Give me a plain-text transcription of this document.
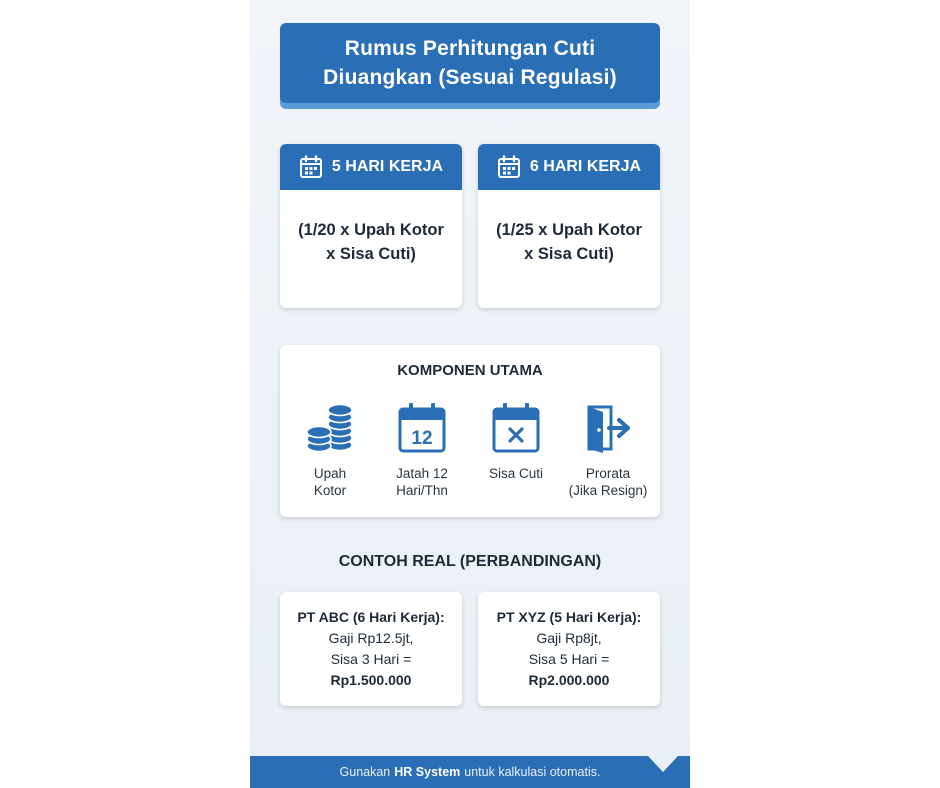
Rumus Perhitungan Cuti
Diuangkan (Sesuai Regulasi)
5 HARI KERJA
(1/20 x Upah Kotor
x Sisa Cuti)
6 HARI KERJA
(1/25 x Upah Kotor
x Sisa Cuti)
KOMPONEN UTAMA
Upah
Kotor
12
Jatah 12
Hari/Thn
Sisa Cuti	Prorata
(Jika Resign)
CONTOH REAL (PERBANDINGAN)
PT ABC (6 Hari Kerja):
Gaji Rp12.5jt,
Sisa 3 Hari =
Rp1.500.000
PT XYZ (5 Hari Kerja):
Gaji Rp8jt,
Sisa 5 Hari =
Rp2.000.000
Gunakan HR System untuk kalkulasi otomatis.
